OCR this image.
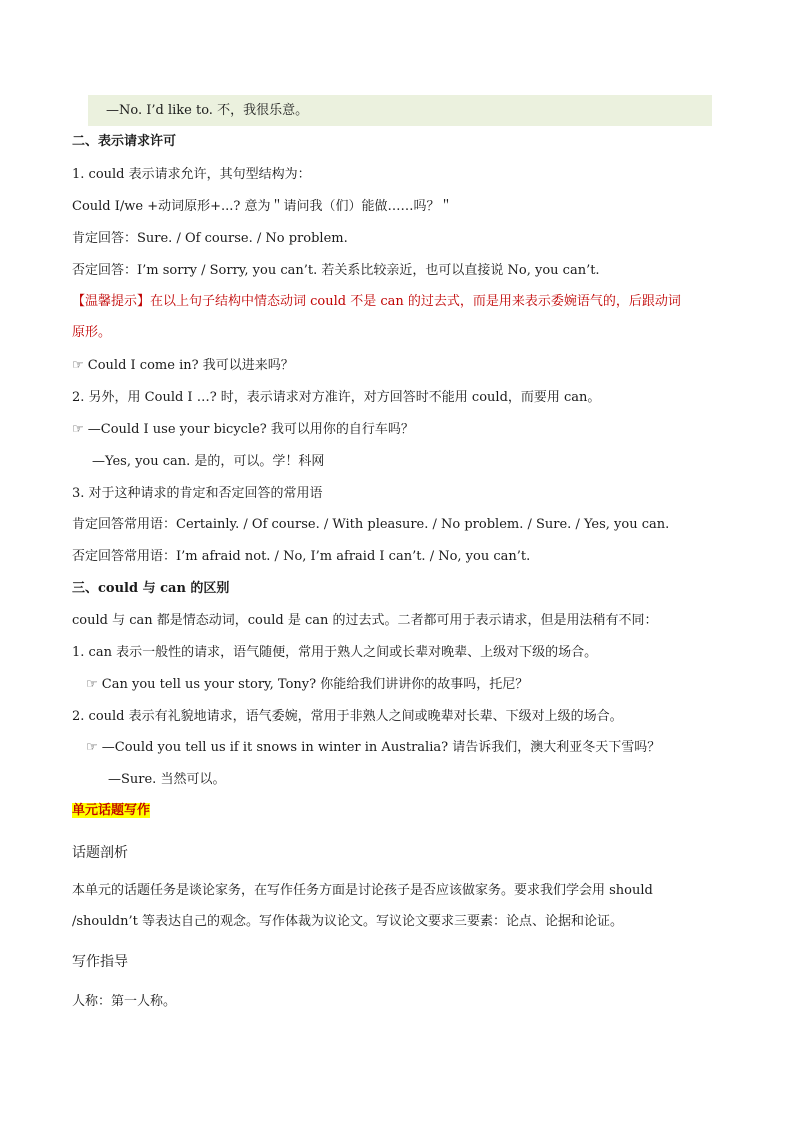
—No. I’d like to. 不，我很乐意。
二、表示请求许可
1. could 表示请求允许，其句型结构为：
Could I/we +动词原形+...? 意为＂请问我（们）能做……吗？＂
肯定回答：Sure. / Of course. / No problem.
否定回答：I’m sorry / Sorry, you can’t. 若关系比较亲近，也可以直接说 No, you can’t.
【温馨提示】在以上句子结构中情态动词 could 不是 can 的过去式，而是用来表示委婉语气的，后跟动词
原形。
☞ Could I come in? 我可以进来吗？
2. 另外，用 Could I …? 时，表示请求对方准许，对方回答时不能用 could，而要用 can。
☞ —Could I use your bicycle? 我可以用你的自行车吗？
—Yes, you can. 是的，可以。学！科网
3. 对于这种请求的肯定和否定回答的常用语
肯定回答常用语：Certainly. / Of course. / With pleasure. / No problem. / Sure. / Yes, you can.
否定回答常用语：I’m afraid not. / No, I’m afraid I can’t. / No, you can’t.
三、could 与 can 的区别
could 与 can 都是情态动词，could 是 can 的过去式。二者都可用于表示请求，但是用法稍有不同：
1. can 表示一般性的请求，语气随便，常用于熟人之间或长辈对晚辈、上级对下级的场合。
☞ Can you tell us your story, Tony? 你能给我们讲讲你的故事吗，托尼？
2. could 表示有礼貌地请求，语气委婉，常用于非熟人之间或晚辈对长辈、下级对上级的场合。
☞ —Could you tell us if it snows in winter in Australia? 请告诉我们，澳大利亚冬天下雪吗？
—Sure. 当然可以。
单元话题写作
话题剖析
本单元的话题任务是谈论家务，在写作任务方面是讨论孩子是否应该做家务。要求我们学会用 should
/shouldn’t 等表达自己的观念。写作体裁为议论文。写议论文要求三要素：论点、论据和论证。
写作指导
人称：第一人称。
